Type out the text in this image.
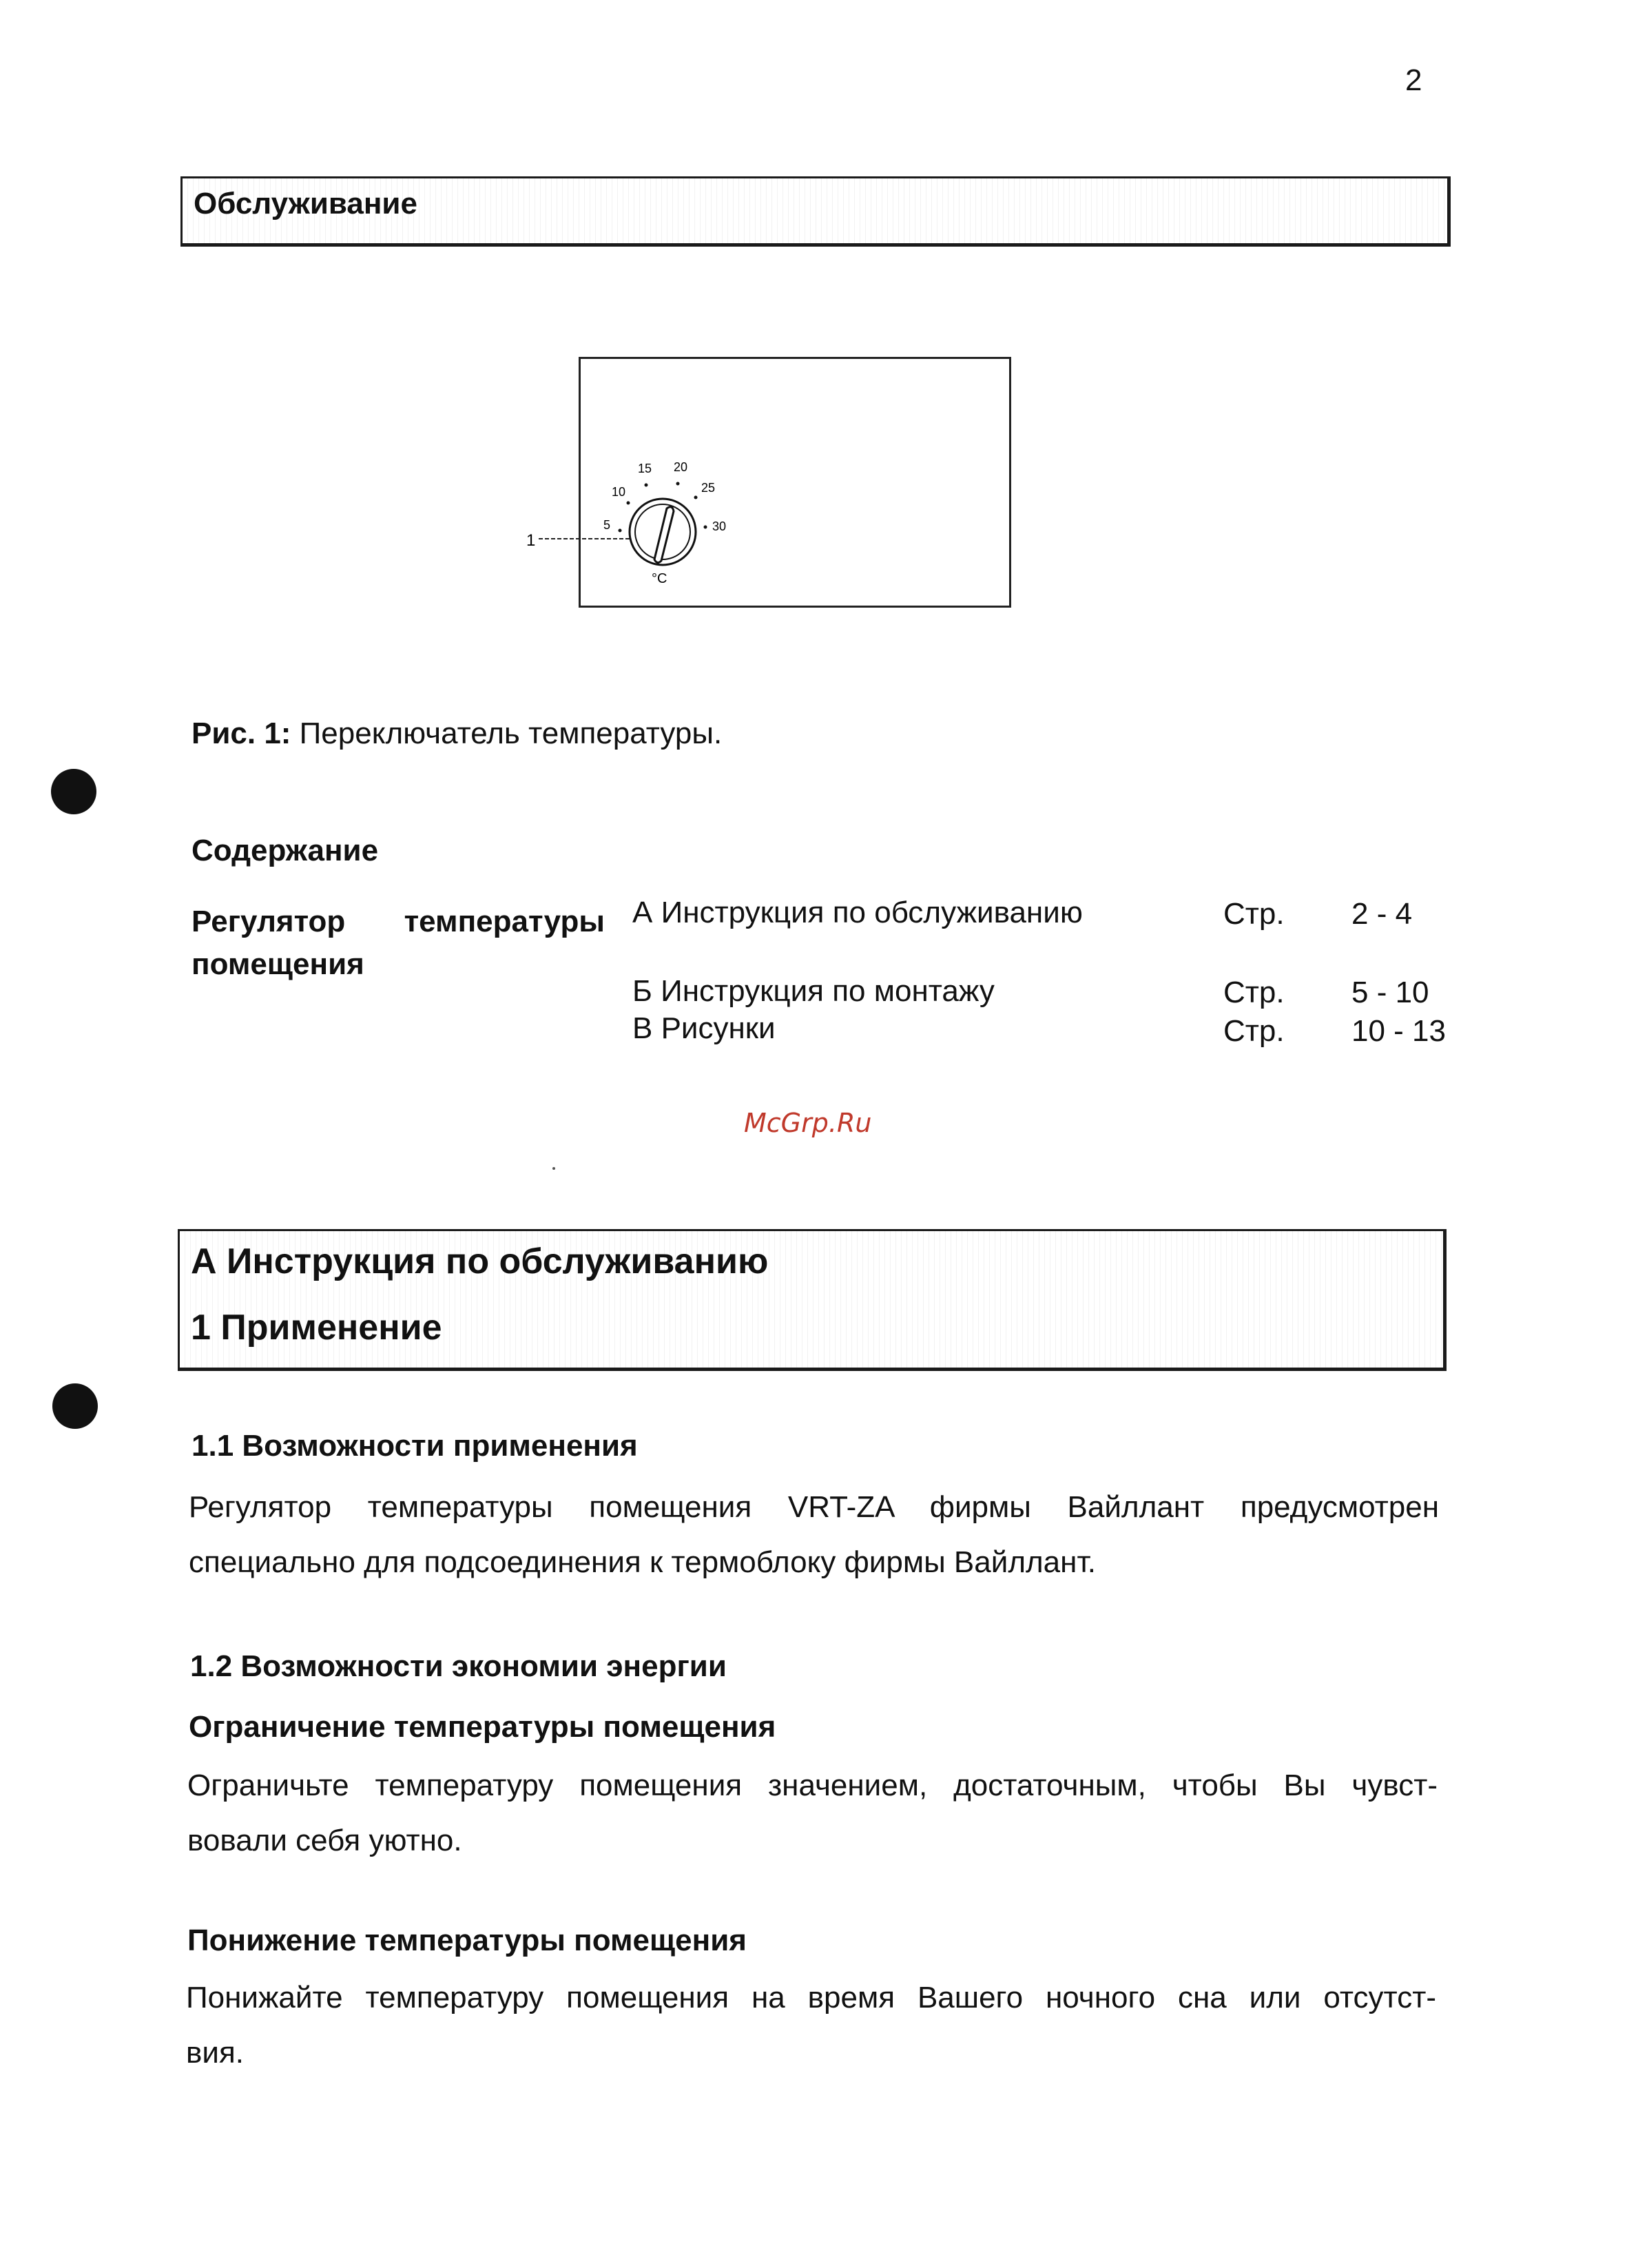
2
Обслуживание
1
5
10
15 20
25
30
°C
Рис. 1: Переключатель температуры.
Содержание
Регулятор температуры
помещения
А Инструкция по обслуживанию	Стр. 2 - 4
Б Инструкция по монтажу	Стр. 5 - 10
В Рисунки	Стр. 10 - 13
McGrp.Ru
А Инструкция по обслуживанию
1 Применение
1.1 Возможности применения
Регулятор температуры помещения VRT-ZA фирмы Вайллант предусмотрен
специально для подсоединения к термоблоку фирмы Вайллант.
1.2 Возможности экономии энергии
Ограничение температуры помещения
Ограничьте температуру помещения значением, достаточным, чтобы Вы чувст-
вовали себя уютно.
Понижение температуры помещения
Понижайте температуру помещения на время Вашего ночного сна или отсутст-
вия.
